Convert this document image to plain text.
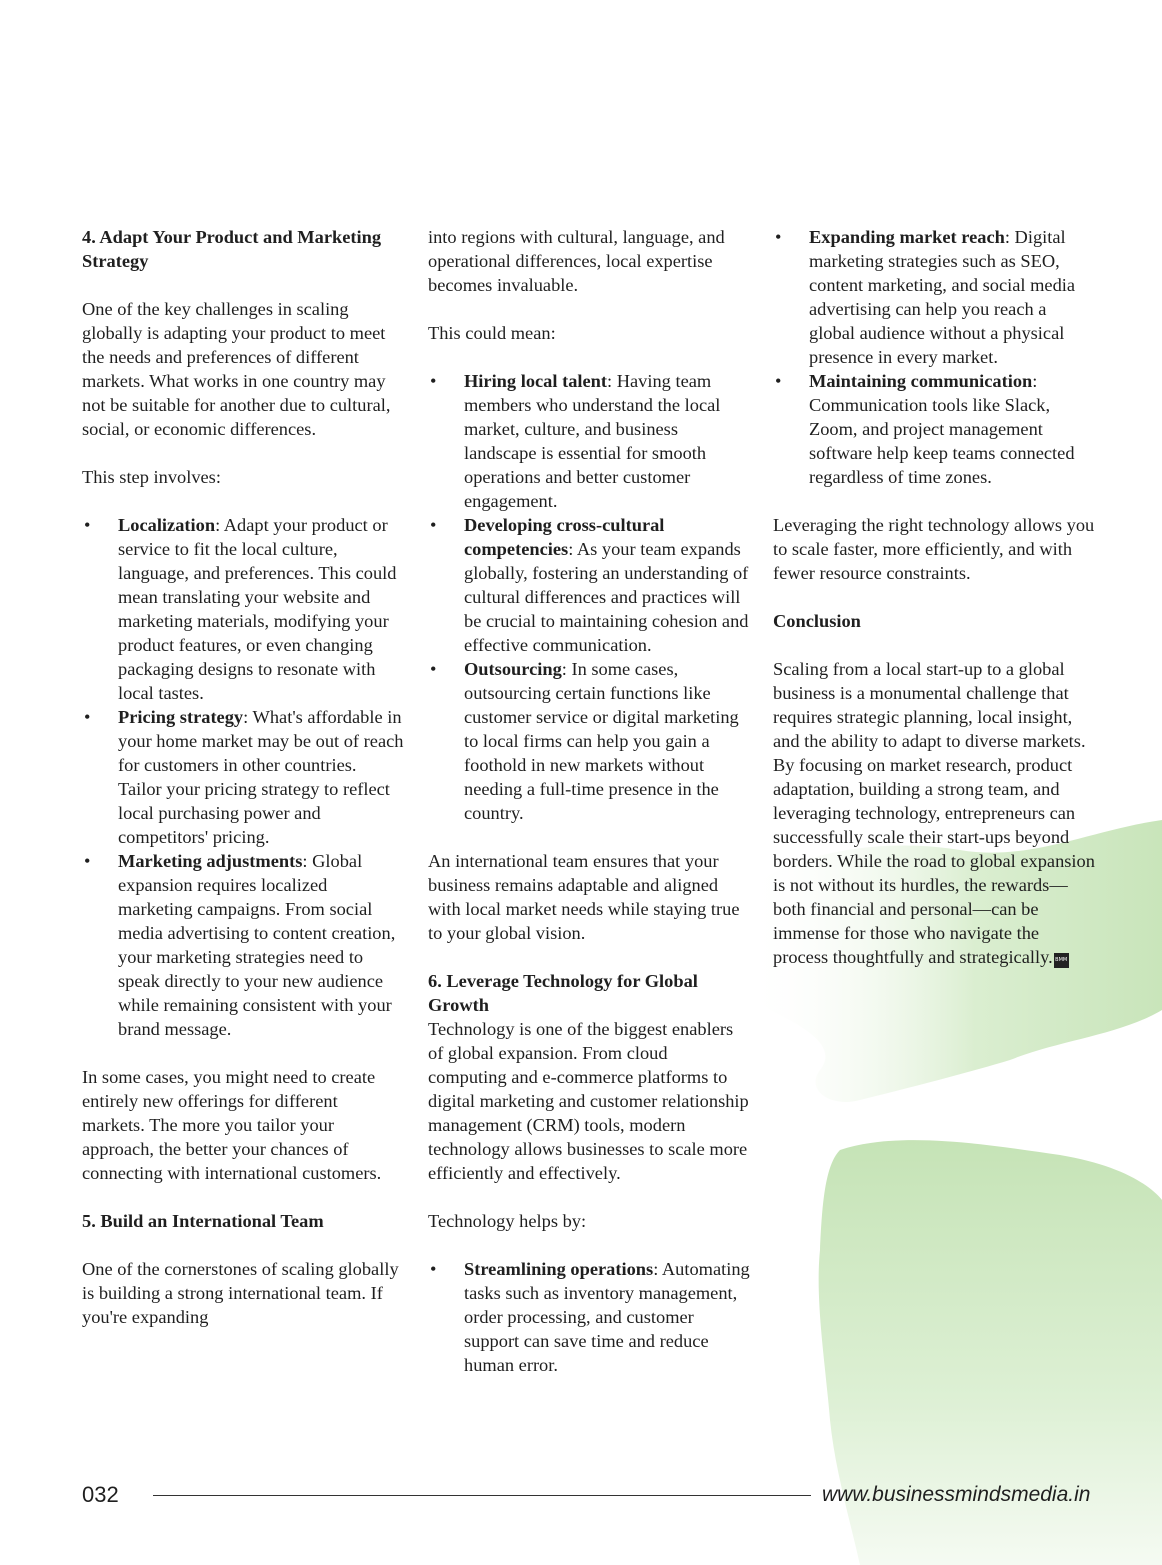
4. Adapt Your Product and Marketing Strategy

One of the key challenges in scaling globally is adapting your product to meet the needs and preferences of different markets. What works in one country may not be suitable for another due to cultural, social, or economic differences.

This step involves:

• Localization: Adapt your product or service to fit the local culture, language, and preferences. This could mean translating your website and marketing materials, modifying your product features, or even changing packaging designs to resonate with local tastes.
• Pricing strategy: What's affordable in your home market may be out of reach for customers in other countries. Tailor your pricing strategy to reflect local purchasing power and competitors' pricing.
• Marketing adjustments: Global expansion requires localized marketing campaigns. From social media advertising to content creation, your marketing strategies need to speak directly to your new audience while remaining consistent with your brand message.

In some cases, you might need to create entirely new offerings for different markets. The more you tailor your approach, the better your chances of connecting with international customers.

5. Build an International Team

One of the cornerstones of scaling globally is building a strong international team. If you're expanding

into regions with cultural, language, and operational differences, local expertise becomes invaluable.

This could mean:

• Hiring local talent: Having team members who understand the local market, culture, and business landscape is essential for smooth operations and better customer engagement.
• Developing cross-cultural competencies: As your team expands globally, fostering an understanding of cultural differences and practices will be crucial to maintaining cohesion and effective communication.
• Outsourcing: In some cases, outsourcing certain functions like customer service or digital marketing to local firms can help you gain a foothold in new markets without needing a full-time presence in the country.

An international team ensures that your business remains adaptable and aligned with local market needs while staying true to your global vision.

6. Leverage Technology for Global Growth

Technology is one of the biggest enablers of global expansion. From cloud computing and e-commerce platforms to digital marketing and customer relationship management (CRM) tools, modern technology allows businesses to scale more efficiently and effectively.

Technology helps by:

• Streamlining operations: Automating tasks such as inventory management, order processing, and customer support can save time and reduce human error.
• Expanding market reach: Digital marketing strategies such as SEO, content marketing, and social media advertising can help you reach a global audience without a physical presence in every market.
• Maintaining communication: Communication tools like Slack, Zoom, and project management software help keep teams connected regardless of time zones.

Leveraging the right technology allows you to scale faster, more efficiently, and with fewer resource constraints.

Conclusion

Scaling from a local start-up to a global business is a monumental challenge that requires strategic planning, local insight, and the ability to adapt to diverse markets. By focusing on market research, product adaptation, building a strong team, and leveraging technology, entrepreneurs can successfully scale their start-ups beyond borders. While the road to global expansion is not without its hurdles, the rewards—both financial and personal—can be immense for those who navigate the process thoughtfully and strategically. BMM

032	www.businessmindsmedia.in
